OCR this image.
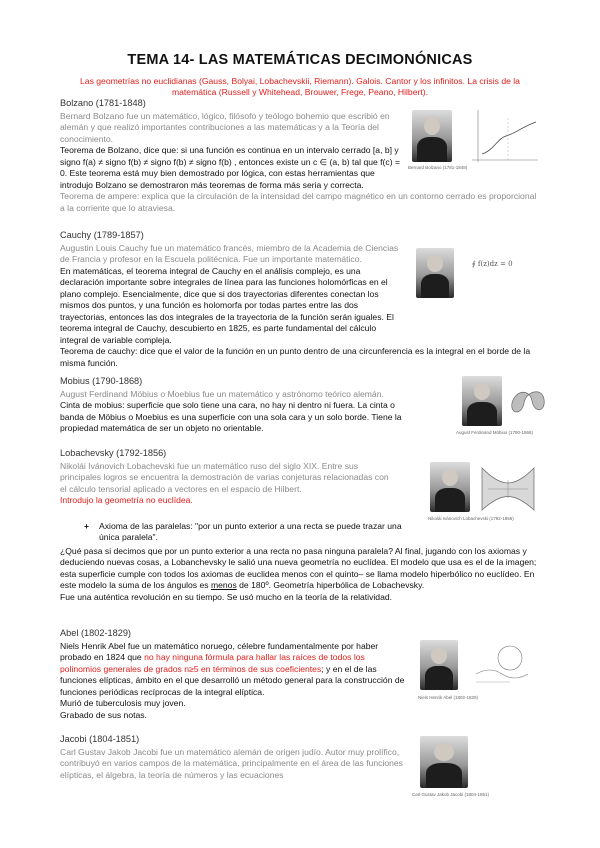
TEMA 14- LAS MATEMÁTICAS DECIMONÓNICAS
Las geometrías no euclidianas (Gauss, Bolyai, Lobachevskii, Riemann). Galois. Cantor y los infinitos. La crisis de la matemática (Russell y Whitehead, Brouwer, Frege, Peano, Hilbert).
Bolzano (1781-1848)

Bernard Bolzano fue un matemático, lógico, filósofo y teólogo bohemio que escribió en alemán y que realizó importantes contribuciones a las matemáticas y a la Teoría del conocimiento.

Teorema de Bolzano, dice que: si una función es continua en un intervalo cerrado [a, b] y signo f(a) ≠ signo f(b) ≠ signo f(b) ≠ signo f(b) , entonces existe un c ∈ (a, b) tal que f(c) = 0. Este teorema está muy bien demostrado por lógica, con estas herramientas que introdujo Bolzano se demostraron más teoremas de forma más seria y correcta.

Teorema de ampere: explica que la circulación de la intensidad del campo magnético en un contorno cerrado es proporcional a la corriente que lo atraviesa.

Bernard Bolzano (1781-1848)
Cauchy (1789-1857)

Augustin Louis Cauchy fue un matemático francés, miembro de la Academia de Ciencias de Francia y profesor en la Escuela politécnica. Fue un importante matemático.

En matemáticas, el teorema integral de Cauchy en el análisis complejo, es una declaración importante sobre integrales de línea para las funciones holomórficas en el plano complejo. Esencialmente, dice que si dos trayectorias diferentes conectan los mismos dos puntos, y una función es holomorfa por todas partes entre las dos trayectorias, entonces las dos integrales de la trayectoria de la función serán iguales. El teorema integral de Cauchy, descubierto en 1825, es parte fundamental del cálculo integral de variable compleja.

Teorema de cauchy: dice que el valor de la función en un punto dentro de una circunferencia es la integral en el borde de la misma función.

∮ f(z)dz = 0
Mobius (1790-1868)

August Ferdinand Möbius o Moebius fue un matemático y astrónomo teórico alemán.

Cinta de mobius: superficie que solo tiene una cara, no hay ni dentro ni fuera. La cinta o banda de Möbius o Moebius es una superficie con una sola cara y un solo borde. Tiene la propiedad matemática de ser un objeto no orientable.	August Ferdinand Möbius (1790-1868)
Lobachevsky (1792-1856)

Nikolái Ivánovich Lobachevski fue un matemático ruso del siglo XIX. Entre sus principales logros se encuentra la demostración de varias conjeturas relacionadas con el cálculo tensorial aplicado a vectores en el espacio de Hilbert.

Introdujo la geometría no euclídea.

+ Axioma de las paralelas: "por un punto exterior a una recta se puede trazar una única paralela".

¿Qué pasa si decimos que por un punto exterior a una recta no pasa ninguna paralela? Al final, jugando con los axiomas y deduciendo nuevas cosas, a Lobanchevsky le salió una nueva geometría no euclídea. El modelo que usa es el de la imagen; esta superficie cumple con todos los axiomas de euclidea menos con el quinto– se llama modelo hiperbólico no euclídeo. En este modelo la suma de los ángulos es menos de 180º. Geometría hiperbólica de Lobachevsky.

Fue una auténtica revolución en su tiempo. Se usó mucho en la teoría de la relatividad.

Nikolái Ivánovich Lobachevski (1792-1856)
Abel (1802-1829)

Niels Henrik Abel fue un matemático noruego, célebre fundamentalmente por haber probado en 1824 que no hay ninguna fórmula para hallar las raíces de todos los polinomios generales de grados n≥5 en términos de sus coeficientes; y en el de las funciones elípticas, ámbito en el que desarrolló un método general para la construcción de funciones periódicas recíprocas de la integral elíptica.

Murió de tuberculosis muy joven.

Grabado de sus notas.

Niels Henrik Abel (1802-1829)
Jacobi (1804-1851)

Carl Gustav Jakob Jacobi fue un matemático alemán de origen judío. Autor muy prolífico, contribuyó en varios campos de la matemática, principalmente en el área de las funciones elípticas, el álgebra, la teoría de números y las ecuaciones

Carl Gustav Jakob Jacobi (1804-1851)
